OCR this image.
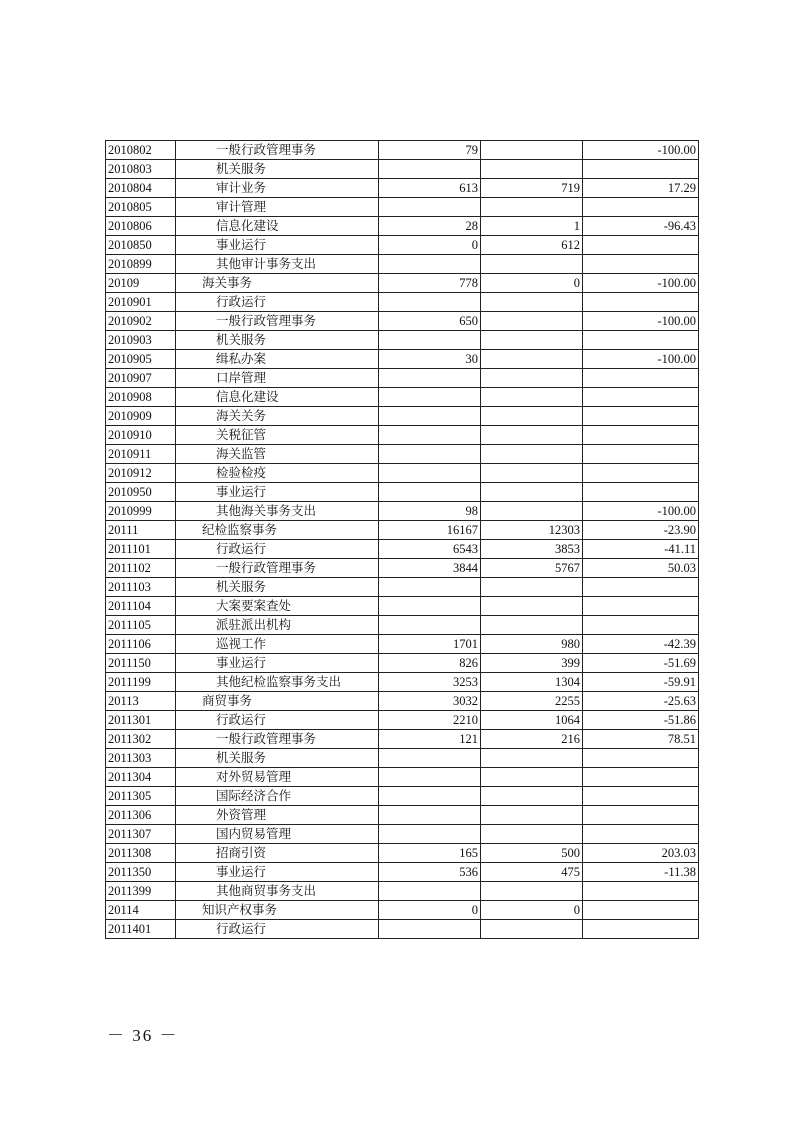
2010802	一般行政管理事务	79		-100.00
2010803	机关服务			
2010804	审计业务	613	719	17.29
2010805	审计管理			
2010806	信息化建设	28	1	-96.43
2010850	事业运行	0	612	
2010899	其他审计事务支出			
20109	海关事务	778	0	-100.00
2010901	行政运行			
2010902	一般行政管理事务	650		-100.00
2010903	机关服务			
2010905	缉私办案	30		-100.00
2010907	口岸管理			
2010908	信息化建设			
2010909	海关关务			
2010910	关税征管			
2010911	海关监管			
2010912	检验检疫			
2010950	事业运行			
2010999	其他海关事务支出	98		-100.00
20111	纪检监察事务	16167	12303	-23.90
2011101	行政运行	6543	3853	-41.11
2011102	一般行政管理事务	3844	5767	50.03
2011103	机关服务			
2011104	大案要案查处			
2011105	派驻派出机构			
2011106	巡视工作	1701	980	-42.39
2011150	事业运行	826	399	-51.69
2011199	其他纪检监察事务支出	3253	1304	-59.91
20113	商贸事务	3032	2255	-25.63
2011301	行政运行	2210	1064	-51.86
2011302	一般行政管理事务	121	216	78.51
2011303	机关服务			
2011304	对外贸易管理			
2011305	国际经济合作			
2011306	外资管理			
2011307	国内贸易管理			
2011308	招商引资	165	500	203.03
2011350	事业运行	536	475	-11.38
2011399	其他商贸事务支出			
20114	知识产权事务	0	0	
2011401	行政运行			
－ 36 －
